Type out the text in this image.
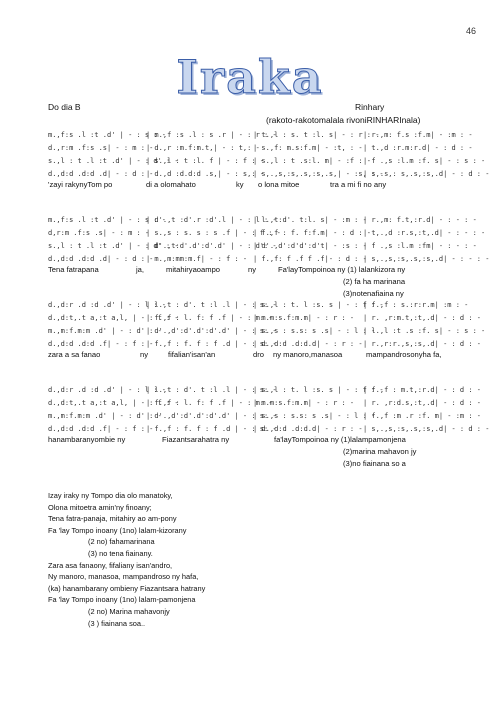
46
Iraka
Do dia B	Rinhary
(rakoto-rakotomalala rivoniRINHARInala)
m.,f:s .l :t .d' | - : s : -
| m.,f :s .l : s .r | - : r : -
| t.,l : s. t :l. s| - : r : -
| r.,m: f.s :f.m| - :m : -
d.,r:m .f:s .s| - : m : -
| d.,r :m.f:m.t,| - : t,: -
| s.,f: m.s:f.m| - :t, : - | t.,d :r.m:r.d| - : d : -
s.,l : t .l :t .d' | - : d' : -
| s.,l : t :l. f | - : f : -
| s.,l : t .s:l. m| - :f : -
| f .,s :l.m :f. s| - : s : -
d.,d:d .d:d .d| - : d : -
| d.,d :d.d:d .s,| - : s,: -
| s,.,s,:s,.s,:s,.s,| - :s, : -
| s,.s,: s,.s,:s,.d| - : d : -
'zayi rakynyTom po	di a olomahato	ky o lona mitoe	tra a mi fi no any
m.,f:s .l :t .d' | - : s : -
| d'.,t :d'.r :d'.l | - : l : -
| l.,t:d'. t:l. s| - :m : -
| r.,m: f.t,:r.d| - : - : -
d,r:m .f:s .s| - : m : -
| s.,s : s. s : s .f | - : f : -
| f.,f : f. f:f.m| - : d : -
| t,.,d :r.s,:t,.d| - : - : -
s.,l : t .l :t .d' | - : d' : -
| d'.,t:d'.d':d'.d' | - : d': -
| d'.,d':d'd':d't| - :s : -
| f .,s :l.m :fm| - : - : -
d.,d:d .d:d .d| - : d : -
| m.,m:mm:m.f| - : f : - | f.,f: f .f f .f|- : d : -
| s,.,s,:s,.s,:s,.d| - : - : -
Tena fatrapana	ja,	mitahiryaoampo	ny	Fa'layTompoinoa ny (1) lalankizora ny
(2) fa ha marinana
(3)notenafiaina ny
d.,d:r .d :d .d' | - : l : -
| l.,t : d'. t :l .l | - : s: -
| s.,l : t. l :s. s | - : f : -
| f.,f : s.:r:r.m| :m : -
d.,d:t,.t a,:t a,l, | - : f : -
| f.,f : l. f: f .f | - : m: -
| m.m:s.f:m.m| - : r : -	| r. ,r:m.t,:t,.d| - : d : -
m.,m:f.m:m .d' | - : d' : -
| d'.,d':d'.d':d'.d' | - : s: -
| s.,s : s.s: s .s| - : l : -
| l.,l :t .s :f. s| - : s : -
d.,d:d .d:d .f| - : f : -
| f.,f : f. f : f .d | - : s: -
| d.,d:d .d:d.d| - : r : - | r.,r:r.,s,:s,.d| - : d : -
zara a sa fanao	ny	fifalian'isan'an	dro ny manoro,manasoa	mampandrosonyha fa,
d.,d:r .d :d .d' | - : l : -
| l.,t : d'. t :l .l | - : s: -
| s.,l : t. l :s. s | - : f : -
| f.,f : m.t,:r.d| - : d : -
d.,d:t,.t a,:t a,l, | - : f : -
| f.,f : l. f: f .f | - : m: -
| m.m:s.f:m.m| - : r : -	| r. ,r:d.s,:t,.d| - : d : -
m.,m:f.m:m .d' | - : d' : -
| d'.,d':d'.d':d'.d' | - : s: -
| s.,s : s.s: s .s| - : l : -
| f.,f :m .r :f. m| - :m : -
d.,d:d .d:d .f| - : f : -
| f.,f : f. f : f .d | - : s: -
| d.,d:d .d:d.d| - : r : - | s,.,s,:s,.s,:s,.d| - : d : -
hanambaranyombie ny	Fiazantsarahatra ny	fa'layTompoinoa ny (1)lalampamonjena
(2)marina mahavon jy
(3)no fiainana so a
Izay iraky ny Tompo dia olo manatoky,
Olona mitoetra amin'ny finoany;
Tena fatra-panaja, mitahiry ao am-pony
Fa 'lay Tompo inoany (1no) lalam-kizorany
(2 no) fahamarinana
(3) no tena fiainany.
Zara asa fanaony, fifaliany isan'andro,
Ny manoro, manasoa, mampandroso ny hafa,
(ka) hanambarany ombieny Fiazantsara hatrany
Fa 'lay Tompo inoany (1no) lalam-pamonjena
(2 no) Marina mahavonjy
(3 ) fiainana soa..
